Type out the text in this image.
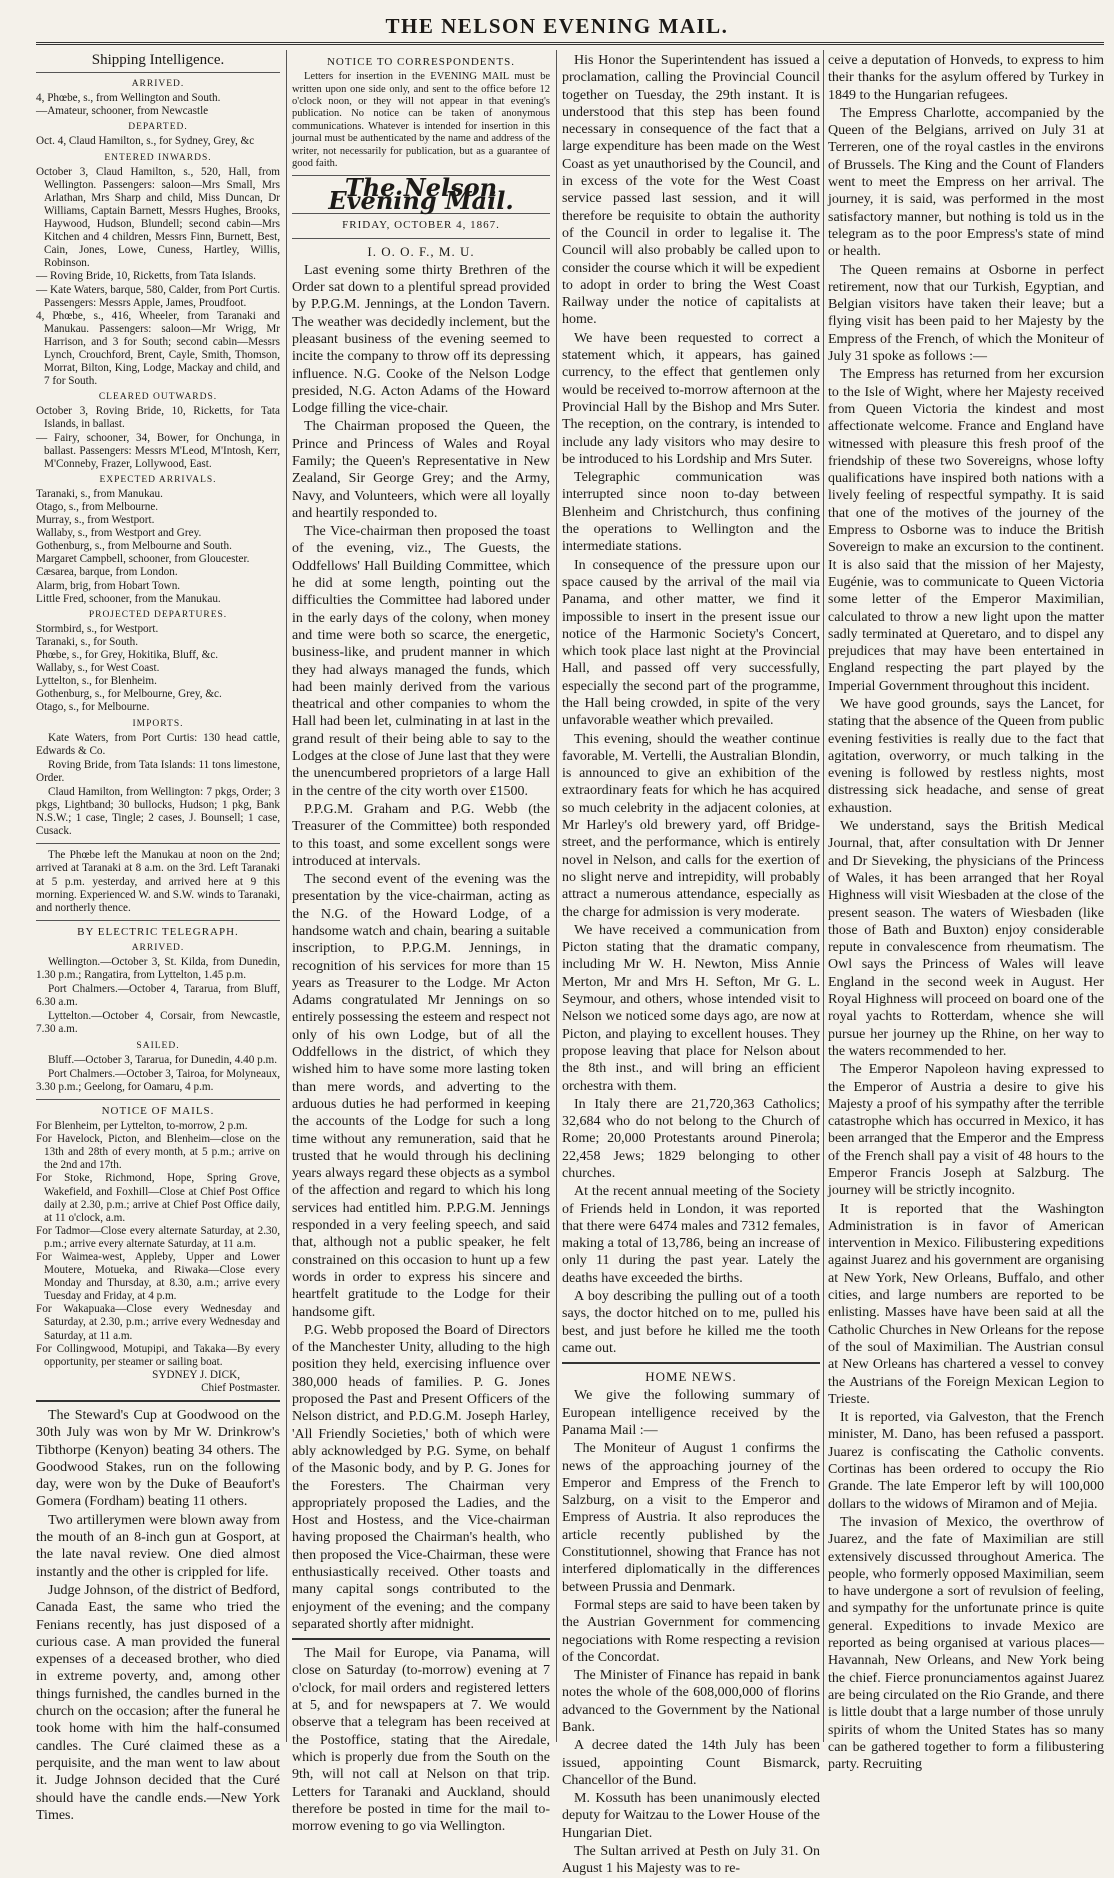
THE NELSON EVENING MAIL.
Shipping Intelligence.
ARRIVED.
4, Phœbe, s., from Wellington and South.
—Amateur, schooner, from Newcastle
DEPARTED.
Oct. 4, Claud Hamilton, s., for Sydney, Grey, &c
ENTERED INWARDS.
October 3, Claud Hamilton, s., 520, Hall, from Wellington. Passengers: saloon—Mrs Small, Mrs Arlathan, Mrs Sharp and child, Miss Duncan, Dr Williams, Captain Barnett, Messrs Hughes, Brooks, Haywood, Hudson, Blundell; second cabin—Mrs Kitchen and 4 children, Messrs Finn, Burnett, Best, Cain, Jones, Lowe, Cuness, Hartley, Willis, Robinson.
— Roving Bride, 10, Ricketts, from Tata Islands.
— Kate Waters, barque, 580, Calder, from Port Curtis. Passengers: Messrs Apple, James, Proudfoot.
4, Phœbe, s., 416, Wheeler, from Taranaki and Manukau. Passengers: saloon—Mr Wrigg, Mr Harrison, and 3 for South; second cabin—Messrs Lynch, Crouchford, Brent, Cayle, Smith, Thomson, Morrat, Bilton, King, Lodge, Mackay and child, and 7 for South.
CLEARED OUTWARDS.
October 3, Roving Bride, 10, Ricketts, for Tata Islands, in ballast.
— Fairy, schooner, 34, Bower, for Onchunga, in ballast. Passengers: Messrs M'Leod, M'Intosh, Kerr, M'Conneby, Frazer, Lollywood, East.
EXPECTED ARRIVALS.
Taranaki, s., from Manukau.
Otago, s., from Melbourne.
Murray, s., from Westport.
Wallaby, s., from Westport and Grey.
Gothenburg, s., from Melbourne and South.
Margaret Campbell, schooner, from Gloucester.
Cæsarea, barque, from London.
Alarm, brig, from Hobart Town.
Little Fred, schooner, from the Manukau.
PROJECTED DEPARTURES.
Stormbird, s., for Westport.
Taranaki, s., for South.
Phœbe, s., for Grey, Hokitika, Bluff, &c.
Wallaby, s., for West Coast.
Lyttelton, s., for Blenheim.
Gothenburg, s., for Melbourne, Grey, &c.
Otago, s., for Melbourne.
IMPORTS.

Kate Waters, from Port Curtis: 130 head cattle, Edwards & Co.

Roving Bride, from Tata Islands: 11 tons limestone, Order.

Claud Hamilton, from Wellington: 7 pkgs, Order; 3 pkgs, Lightband; 30 bullocks, Hudson; 1 pkg, Bank N.S.W.; 1 case, Tingle; 2 cases, J. Bounsell; 1 case, Cusack.

The Phœbe left the Manukau at noon on the 2nd; arrived at Taranaki at 8 a.m. on the 3rd. Left Taranaki at 5 p.m. yesterday, and arrived here at 9 this morning. Experienced W. and S.W. winds to Taranaki, and northerly thence.

BY ELECTRIC TELEGRAPH.
ARRIVED.

Wellington.—October 3, St. Kilda, from Dunedin, 1.30 p.m.; Rangatira, from Lyttelton, 1.45 p.m.

Port Chalmers.—October 4, Tararua, from Bluff, 6.30 a.m.

Lyttelton.—October 4, Corsair, from Newcastle, 7.30 a.m.

SAILED.

Bluff.—October 3, Tararua, for Dunedin, 4.40 p.m.

Port Chalmers.—October 3, Tairoa, for Molyneaux, 3.30 p.m.; Geelong, for Oamaru, 4 p.m.

NOTICE OF MAILS.
For Blenheim, per Lyttelton, to-morrow, 2 p.m.
For Havelock, Picton, and Blenheim—close on the 13th and 28th of every month, at 5 p.m.; arrive on the 2nd and 17th.
For Stoke, Richmond, Hope, Spring Grove, Wakefield, and Foxhill—Close at Chief Post Office daily at 2.30, p.m.; arrive at Chief Post Office daily, at 11 o'clock, a.m.
For Tadmor—Close every alternate Saturday, at 2.30, p.m.; arrive every alternate Saturday, at 11 a.m.
For Waimea-west, Appleby, Upper and Lower Moutere, Motueka, and Riwaka—Close every Monday and Thursday, at 8.30, a.m.; arrive every Tuesday and Friday, at 4 p.m.
For Wakapuaka—Close every Wednesday and Saturday, at 2.30, p.m.; arrive every Wednesday and Saturday, at 11 a.m.
For Collingwood, Motupipi, and Takaka—By every opportunity, per steamer or sailing boat.
SYDNEY J. DICK,
Chief Postmaster.

The Steward's Cup at Goodwood on the 30th July was won by Mr W. Drinkrow's Tibthorpe (Kenyon) beating 34 others. The Goodwood Stakes, run on the following day, were won by the Duke of Beaufort's Gomera (Fordham) beating 11 others.

Two artillerymen were blown away from the mouth of an 8-inch gun at Gosport, at the late naval review. One died almost instantly and the other is crippled for life.

Judge Johnson, of the district of Bedford, Canada East, the same who tried the Fenians recently, has just disposed of a curious case. A man provided the funeral expenses of a deceased brother, who died in extreme poverty, and, among other things furnished, the candles burned in the church on the occasion; after the funeral he took home with him the half-consumed candles. The Curé claimed these as a perquisite, and the man went to law about it. Judge Johnson decided that the Curé should have the candle ends.—New York Times.

NOTICE TO CORRESPONDENTS.

Letters for insertion in the EVENING MAIL must be written upon one side only, and sent to the office before 12 o'clock noon, or they will not appear in that evening's publication. No notice can be taken of anonymous communications. Whatever is intended for insertion in this journal must be authenticated by the name and address of the writer, not necessarily for publication, but as a guarantee of good faith.

The Nelson Evening Mail.
FRIDAY, OCTOBER 4, 1867.
I. O. O. F., M. U.

Last evening some thirty Brethren of the Order sat down to a plentiful spread provided by P.P.G.M. Jennings, at the London Tavern. The weather was decidedly inclement, but the pleasant business of the evening seemed to incite the company to throw off its depressing influence. N.G. Cooke of the Nelson Lodge presided, N.G. Acton Adams of the Howard Lodge filling the vice-chair.

The Chairman proposed the Queen, the Prince and Princess of Wales and Royal Family; the Queen's Representative in New Zealand, Sir George Grey; and the Army, Navy, and Volunteers, which were all loyally and heartily responded to.

The Vice-chairman then proposed the toast of the evening, viz., The Guests, the Oddfellows' Hall Building Committee, which he did at some length, pointing out the difficulties the Committee had labored under in the early days of the colony, when money and time were both so scarce, the energetic, business-like, and prudent manner in which they had always managed the funds, which had been mainly derived from the various theatrical and other companies to whom the Hall had been let, culminating in at last in the grand result of their being able to say to the Lodges at the close of June last that they were the unencumbered proprietors of a large Hall in the centre of the city worth over £1500.

P.P.G.M. Graham and P.G. Webb (the Treasurer of the Committee) both responded to this toast, and some excellent songs were introduced at intervals.

The second event of the evening was the presentation by the vice-chairman, acting as the N.G. of the Howard Lodge, of a handsome watch and chain, bearing a suitable inscription, to P.P.G.M. Jennings, in recognition of his services for more than 15 years as Treasurer to the Lodge. Mr Acton Adams congratulated Mr Jennings on so entirely possessing the esteem and respect not only of his own Lodge, but of all the Oddfellows in the district, of which they wished him to have some more lasting token than mere words, and adverting to the arduous duties he had performed in keeping the accounts of the Lodge for such a long time without any remuneration, said that he trusted that he would through his declining years always regard these objects as a symbol of the affection and regard to which his long services had entitled him. P.P.G.M. Jennings responded in a very feeling speech, and said that, although not a public speaker, he felt constrained on this occasion to hunt up a few words in order to express his sincere and heartfelt gratitude to the Lodge for their handsome gift.

P.G. Webb proposed the Board of Directors of the Manchester Unity, alluding to the high position they held, exercising influence over 380,000 heads of families. P. G. Jones proposed the Past and Present Officers of the Nelson district, and P.D.G.M. Joseph Harley, 'All Friendly Societies,' both of which were ably acknowledged by P.G. Syme, on behalf of the Masonic body, and by P. G. Jones for the Foresters. The Chairman very appropriately proposed the Ladies, and the Host and Hostess, and the Vice-chairman having proposed the Chairman's health, who then proposed the Vice-Chairman, these were enthusiastically received. Other toasts and many capital songs contributed to the enjoyment of the evening; and the company separated shortly after midnight.

The Mail for Europe, via Panama, will close on Saturday (to-morrow) evening at 7 o'clock, for mail orders and registered letters at 5, and for newspapers at 7. We would observe that a telegram has been received at the Postoffice, stating that the Airedale, which is properly due from the South on the 9th, will not call at Nelson on that trip. Letters for Taranaki and Auckland, should therefore be posted in time for the mail to-morrow evening to go via Wellington.

His Honor the Superintendent has issued a proclamation, calling the Provincial Council together on Tuesday, the 29th instant. It is understood that this step has been found necessary in consequence of the fact that a large expenditure has been made on the West Coast as yet unauthorised by the Council, and in excess of the vote for the West Coast service passed last session, and it will therefore be requisite to obtain the authority of the Council in order to legalise it. The Council will also probably be called upon to consider the course which it will be expedient to adopt in order to bring the West Coast Railway under the notice of capitalists at home.

We have been requested to correct a statement which, it appears, has gained currency, to the effect that gentlemen only would be received to-morrow afternoon at the Provincial Hall by the Bishop and Mrs Suter. The reception, on the contrary, is intended to include any lady visitors who may desire to be introduced to his Lordship and Mrs Suter.

Telegraphic communication was interrupted since noon to-day between Blenheim and Christchurch, thus confining the operations to Wellington and the intermediate stations.

In consequence of the pressure upon our space caused by the arrival of the mail via Panama, and other matter, we find it impossible to insert in the present issue our notice of the Harmonic Society's Concert, which took place last night at the Provincial Hall, and passed off very successfully, especially the second part of the programme, the Hall being crowded, in spite of the very unfavorable weather which prevailed.

This evening, should the weather continue favorable, M. Vertelli, the Australian Blondin, is announced to give an exhibition of the extraordinary feats for which he has acquired so much celebrity in the adjacent colonies, at Mr Harley's old brewery yard, off Bridge-street, and the performance, which is entirely novel in Nelson, and calls for the exertion of no slight nerve and intrepidity, will probably attract a numerous attendance, especially as the charge for admission is very moderate.

We have received a communication from Picton stating that the dramatic company, including Mr W. H. Newton, Miss Annie Merton, Mr and Mrs H. Sefton, Mr G. L. Seymour, and others, whose intended visit to Nelson we noticed some days ago, are now at Picton, and playing to excellent houses. They propose leaving that place for Nelson about the 8th inst., and will bring an efficient orchestra with them.

In Italy there are 21,720,363 Catholics; 32,684 who do not belong to the Church of Rome; 20,000 Protestants around Pinerola; 22,458 Jews; 1829 belonging to other churches.

At the recent annual meeting of the Society of Friends held in London, it was reported that there were 6474 males and 7312 females, making a total of 13,786, being an increase of only 11 during the past year. Lately the deaths have exceeded the births.

A boy describing the pulling out of a tooth says, the doctor hitched on to me, pulled his best, and just before he killed me the tooth came out.

HOME NEWS.

We give the following summary of European intelligence received by the Panama Mail :—

The Moniteur of August 1 confirms the news of the approaching journey of the Emperor and Empress of the French to Salzburg, on a visit to the Emperor and Empress of Austria. It also reproduces the article recently published by the Constitutionnel, showing that France has not interfered diplomatically in the differences between Prussia and Denmark.

Formal steps are said to have been taken by the Austrian Government for commencing negociations with Rome respecting a revision of the Concordat.

The Minister of Finance has repaid in bank notes the whole of the 608,000,000 of florins advanced to the Government by the National Bank.

A decree dated the 14th July has been issued, appointing Count Bismarck, Chancellor of the Bund.

M. Kossuth has been unanimously elected deputy for Waitzau to the Lower House of the Hungarian Diet.

The Sultan arrived at Pesth on July 31. On August 1 his Majesty was to re-

ceive a deputation of Honveds, to express to him their thanks for the asylum offered by Turkey in 1849 to the Hungarian refugees.

The Empress Charlotte, accompanied by the Queen of the Belgians, arrived on July 31 at Terreren, one of the royal castles in the environs of Brussels. The King and the Count of Flanders went to meet the Empress on her arrival. The journey, it is said, was performed in the most satisfactory manner, but nothing is told us in the telegram as to the poor Empress's state of mind or health.

The Queen remains at Osborne in perfect retirement, now that our Turkish, Egyptian, and Belgian visitors have taken their leave; but a flying visit has been paid to her Majesty by the Empress of the French, of which the Moniteur of July 31 spoke as follows :—

The Empress has returned from her excursion to the Isle of Wight, where her Majesty received from Queen Victoria the kindest and most affectionate welcome. France and England have witnessed with pleasure this fresh proof of the friendship of these two Sovereigns, whose lofty qualifications have inspired both nations with a lively feeling of respectful sympathy. It is said that one of the motives of the journey of the Empress to Osborne was to induce the British Sovereign to make an excursion to the continent. It is also said that the mission of her Majesty, Eugénie, was to communicate to Queen Victoria some letter of the Emperor Maximilian, calculated to throw a new light upon the matter sadly terminated at Queretaro, and to dispel any prejudices that may have been entertained in England respecting the part played by the Imperial Government throughout this incident.

We have good grounds, says the Lancet, for stating that the absence of the Queen from public evening festivities is really due to the fact that agitation, overworry, or much talking in the evening is followed by restless nights, most distressing sick headache, and sense of great exhaustion.

We understand, says the British Medical Journal, that, after consultation with Dr Jenner and Dr Sieveking, the physicians of the Princess of Wales, it has been arranged that her Royal Highness will visit Wiesbaden at the close of the present season. The waters of Wiesbaden (like those of Bath and Buxton) enjoy considerable repute in convalescence from rheumatism. The Owl says the Princess of Wales will leave England in the second week in August. Her Royal Highness will proceed on board one of the royal yachts to Rotterdam, whence she will pursue her journey up the Rhine, on her way to the waters recommended to her.

The Emperor Napoleon having expressed to the Emperor of Austria a desire to give his Majesty a proof of his sympathy after the terrible catastrophe which has occurred in Mexico, it has been arranged that the Emperor and the Empress of the French shall pay a visit of 48 hours to the Emperor Francis Joseph at Salzburg. The journey will be strictly incognito.

It is reported that the Washington Administration is in favor of American intervention in Mexico. Filibustering expeditions against Juarez and his government are organising at New York, New Orleans, Buffalo, and other cities, and large numbers are reported to be enlisting. Masses have have been said at all the Catholic Churches in New Orleans for the repose of the soul of Maximilian. The Austrian consul at New Orleans has chartered a vessel to convey the Austrians of the Foreign Mexican Legion to Trieste.

It is reported, via Galveston, that the French minister, M. Dano, has been refused a passport. Juarez is confiscating the Catholic convents. Cortinas has been ordered to occupy the Rio Grande. The late Emperor left by will 100,000 dollars to the widows of Miramon and of Mejia.

The invasion of Mexico, the overthrow of Juarez, and the fate of Maximilian are still extensively discussed throughout America. The people, who formerly opposed Maximilian, seem to have undergone a sort of revulsion of feeling, and sympathy for the unfortunate prince is quite general. Expeditions to invade Mexico are reported as being organised at various places—Havannah, New Orleans, and New York being the chief. Fierce pronunciamentos against Juarez are being circulated on the Rio Grande, and there is little doubt that a large number of those unruly spirits of whom the United States has so many can be gathered together to form a filibustering party. Recruiting
